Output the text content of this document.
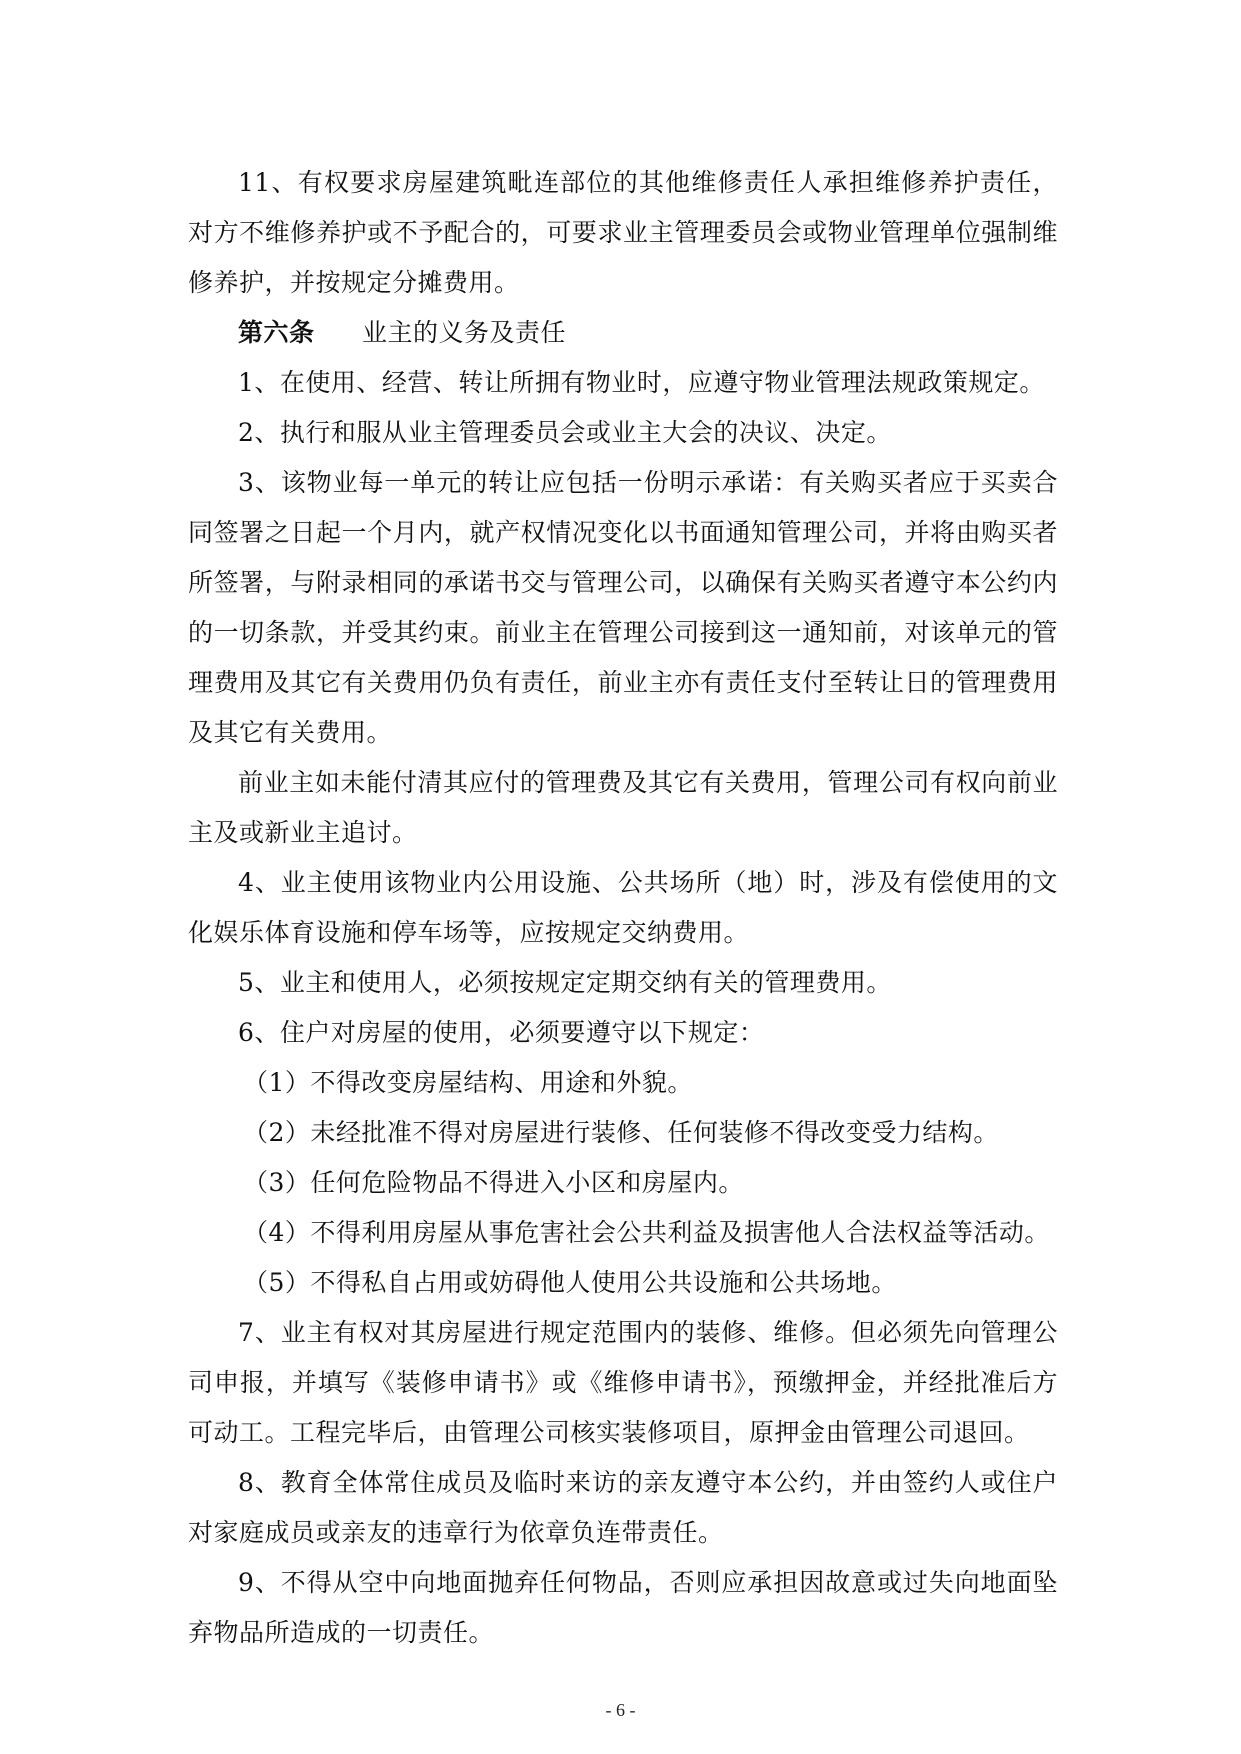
11、有权要求房屋建筑毗连部位的其他维修责任人承担维修养护责任，对方不维修养护或不予配合的，可要求业主管理委员会或物业管理单位强制维修养护，并按规定分摊费用。

第六条 业主的义务及责任

1、在使用、经营、转让所拥有物业时，应遵守物业管理法规政策规定。

2、执行和服从业主管理委员会或业主大会的决议、决定。

3、该物业每一单元的转让应包括一份明示承诺：有关购买者应于买卖合同签署之日起一个月内，就产权情况变化以书面通知管理公司，并将由购买者所签署，与附录相同的承诺书交与管理公司，以确保有关购买者遵守本公约内的一切条款，并受其约束。前业主在管理公司接到这一通知前，对该单元的管理费用及其它有关费用仍负有责任，前业主亦有责任支付至转让日的管理费用及其它有关费用。

前业主如未能付清其应付的管理费及其它有关费用，管理公司有权向前业主及或新业主追讨。

4、业主使用该物业内公用设施、公共场所（地）时，涉及有偿使用的文化娱乐体育设施和停车场等，应按规定交纳费用。

5、业主和使用人，必须按规定定期交纳有关的管理费用。

6、住户对房屋的使用，必须要遵守以下规定：

（1）不得改变房屋结构、用途和外貌。

（2）未经批准不得对房屋进行装修、任何装修不得改变受力结构。

（3）任何危险物品不得进入小区和房屋内。

（4）不得利用房屋从事危害社会公共利益及损害他人合法权益等活动。

（5）不得私自占用或妨碍他人使用公共设施和公共场地。

7、业主有权对其房屋进行规定范围内的装修、维修。但必须先向管理公司申报，并填写《装修申请书》或《维修申请书》，预缴押金，并经批准后方可动工。工程完毕后，由管理公司核实装修项目，原押金由管理公司退回。

8、教育全体常住成员及临时来访的亲友遵守本公约，并由签约人或住户对家庭成员或亲友的违章行为依章负连带责任。

9、不得从空中向地面抛弃任何物品，否则应承担因故意或过失向地面坠弃物品所造成的一切责任。

- 6 -
